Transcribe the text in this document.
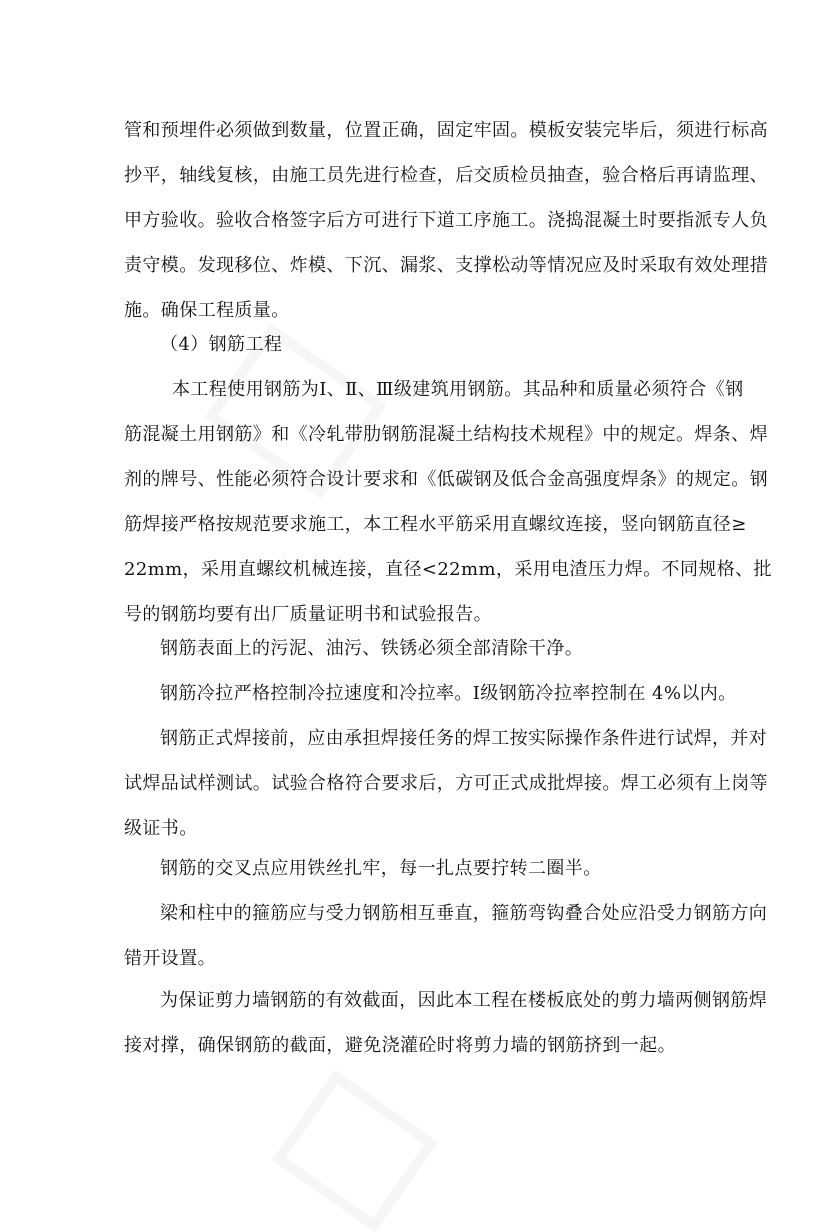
管和预埋件必须做到数量，位置正确，固定牢固。模板安装完毕后，须进行标高
抄平，轴线复核，由施工员先进行检查，后交质检员抽查，验合格后再请监理、
甲方验收。验收合格签字后方可进行下道工序施工。浇捣混凝土时要指派专人负
责守模。发现移位、炸模、下沉、漏浆、支撑松动等情况应及时采取有效处理措
施。确保工程质量。
（4）钢筋工程
本工程使用钢筋为Ⅰ、Ⅱ、Ⅲ级建筑用钢筋。其品种和质量必须符合《钢
筋混凝土用钢筋》和《冷轧带肋钢筋混凝土结构技术规程》中的规定。焊条、焊
剂的牌号、性能必须符合设计要求和《低碳钢及低合金高强度焊条》的规定。钢
筋焊接严格按规范要求施工，本工程水平筋采用直螺纹连接，竖向钢筋直径≥
22mm，采用直螺纹机械连接，直径<22mm，采用电渣压力焊。不同规格、批
号的钢筋均要有出厂质量证明书和试验报告。
钢筋表面上的污泥、油污、铁锈必须全部清除干净。
钢筋冷拉严格控制冷拉速度和冷拉率。Ⅰ级钢筋冷拉率控制在 4%以内。
钢筋正式焊接前，应由承担焊接任务的焊工按实际操作条件进行试焊，并对
试焊品试样测试。试验合格符合要求后，方可正式成批焊接。焊工必须有上岗等
级证书。
钢筋的交叉点应用铁丝扎牢，每一扎点要拧转二圈半。
梁和柱中的箍筋应与受力钢筋相互垂直，箍筋弯钩叠合处应沿受力钢筋方向
错开设置。
为保证剪力墙钢筋的有效截面，因此本工程在楼板底处的剪力墙两侧钢筋焊
接对撑，确保钢筋的截面，避免浇灌砼时将剪力墙的钢筋挤到一起。
